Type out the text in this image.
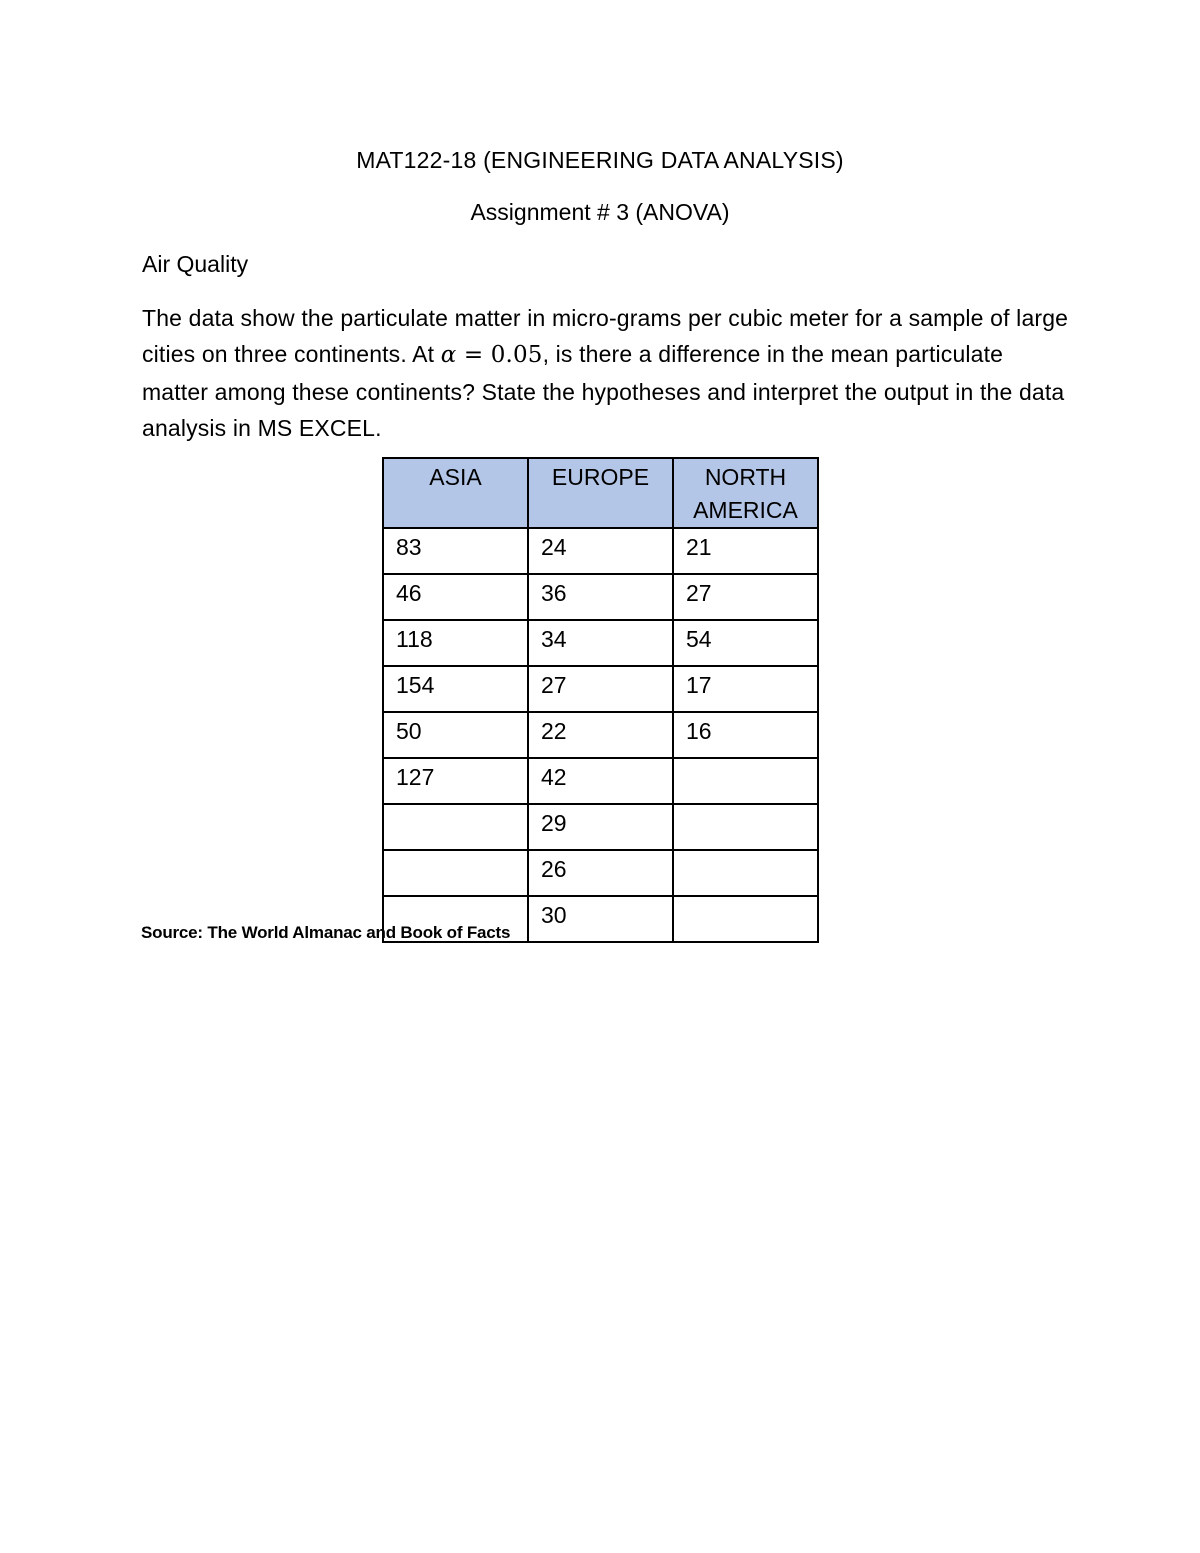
MAT122-18 (ENGINEERING DATA ANALYSIS)
Assignment # 3 (ANOVA)
Air Quality
The data show the particulate matter in micro-grams per cubic meter for a sample of large cities on three continents. At α = 0.05, is there a difference in the mean particulate matter among these continents? State the hypotheses and interpret the output in the data analysis in MS EXCEL.
ASIA	EUROPE	NORTH AMERICA
83	24	21
46	36	27
118	34	54
154	27	17
50	22	16
127	42	
	29	
	26	
	30	
Source: The World Almanac and Book of Facts
